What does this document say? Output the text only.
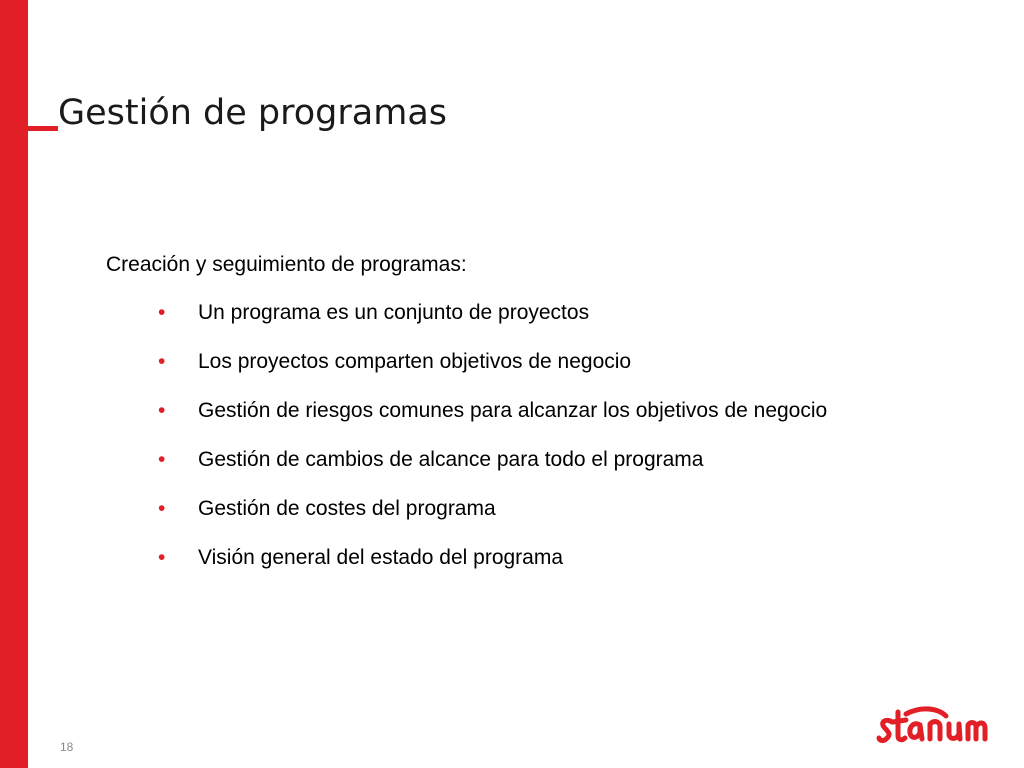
Gestión de programas
Creación y seguimiento de programas:
• Un programa es un conjunto de proyectos
• Los proyectos comparten objetivos de negocio
• Gestión de riesgos comunes para alcanzar los objetivos de negocio
• Gestión de cambios de alcance para todo el programa
• Gestión de costes del programa
• Visión general del estado del programa
18
